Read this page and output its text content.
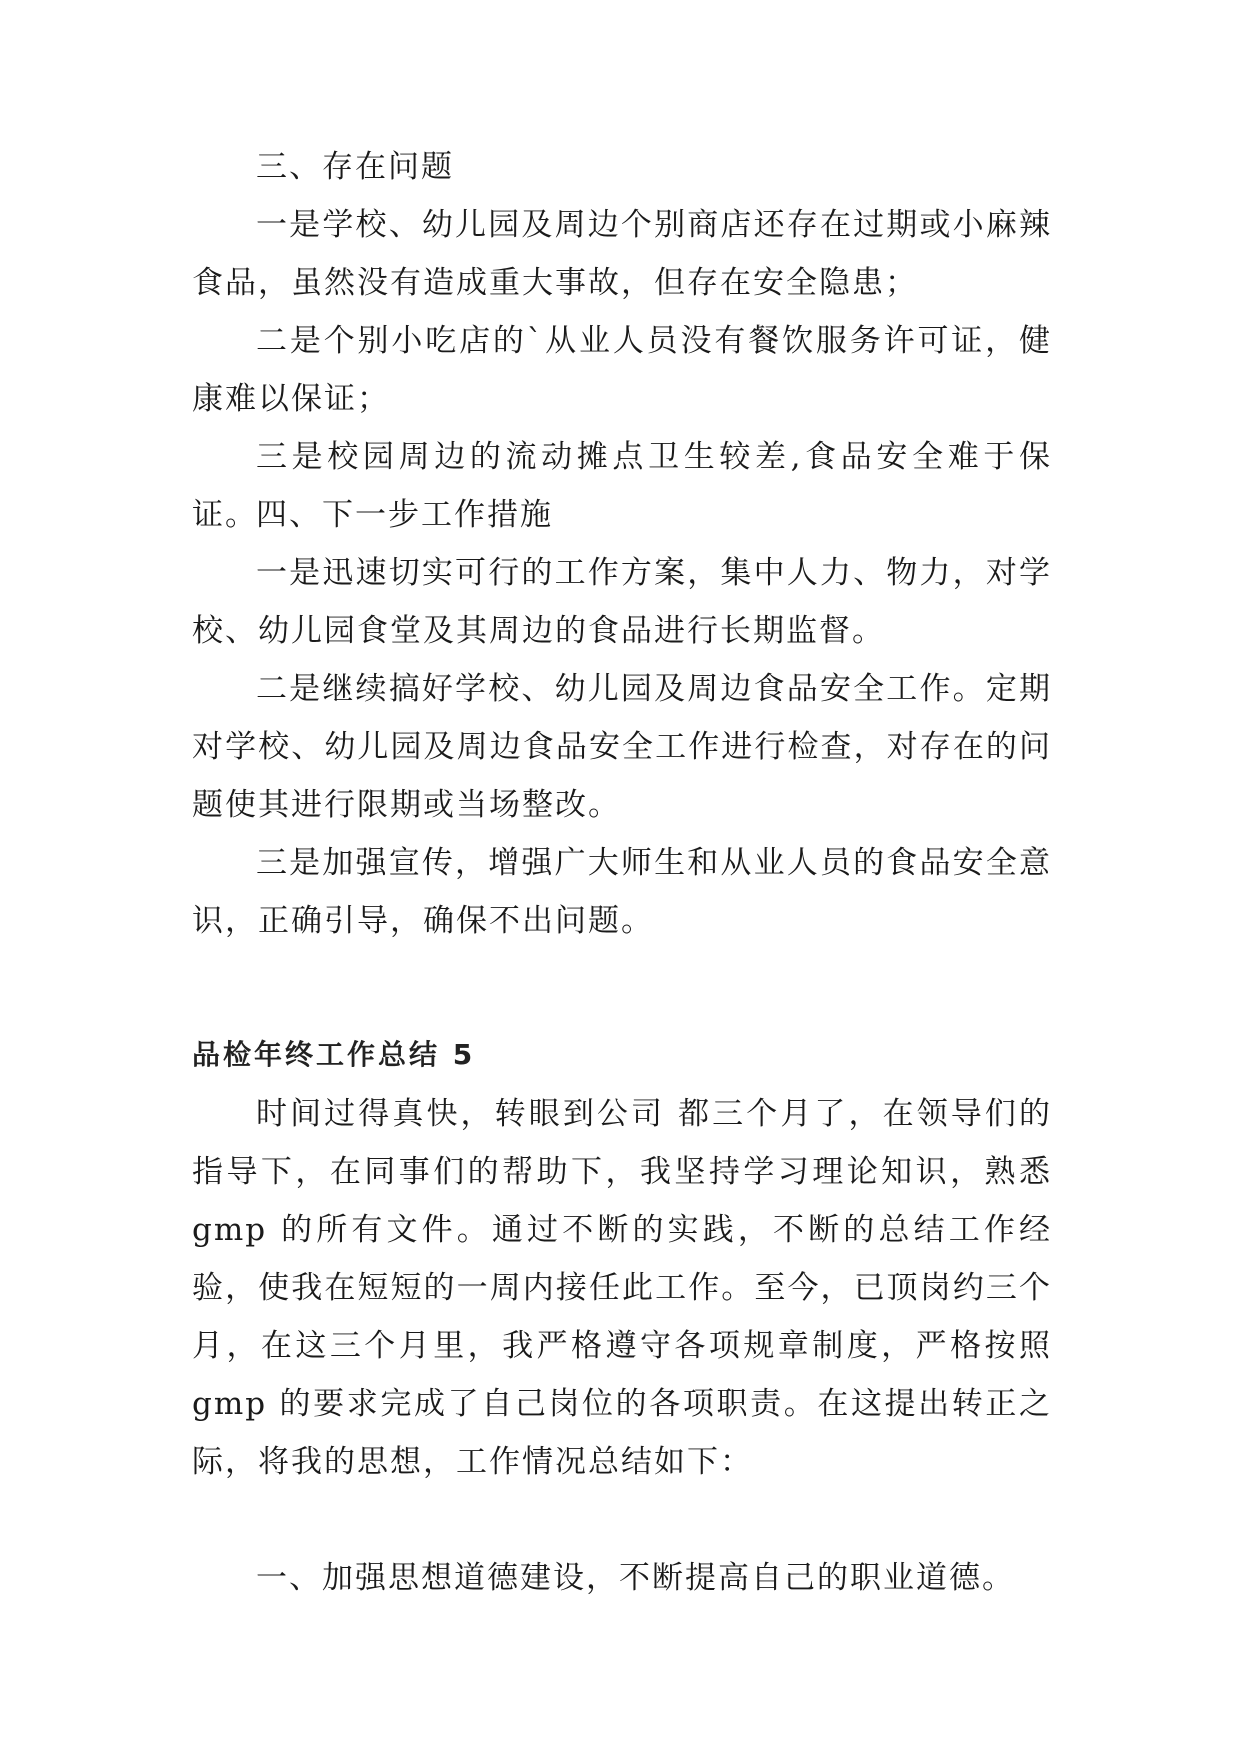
三、存在问题

一是学校、幼儿园及周边个别商店还存在过期或小麻辣食品，虽然没有造成重大事故，但存在安全隐患；

二是个别小吃店的`从业人员没有餐饮服务许可证，健康难以保证；

三是校园周边的流动摊点卫生较差,食品安全难于保证。

四、下一步工作措施

一是迅速切实可行的工作方案，集中人力、物力，对学校、幼儿园食堂及其周边的食品进行长期监督。

二是继续搞好学校、幼儿园及周边食品安全工作。定期对学校、幼儿园及周边食品安全工作进行检查，对存在的问题使其进行限期或当场整改。

三是加强宣传，增强广大师生和从业人员的食品安全意识，正确引导，确保不出问题。

品检年终工作总结 5

时间过得真快，转眼到公司 都三个月了，在领导们的指导下，在同事们的帮助下，我坚持学习理论知识，熟悉 gmp 的所有文件。通过不断的实践，不断的总结工作经验，使我在短短的一周内接任此工作。至今，已顶岗约三个月，在这三个月里，我严格遵守各项规章制度，严格按照 gmp 的要求完成了自己岗位的各项职责。在这提出转正之际，将我的思想，工作情况总结如下：

一、加强思想道德建设，不断提高自己的职业道德。
